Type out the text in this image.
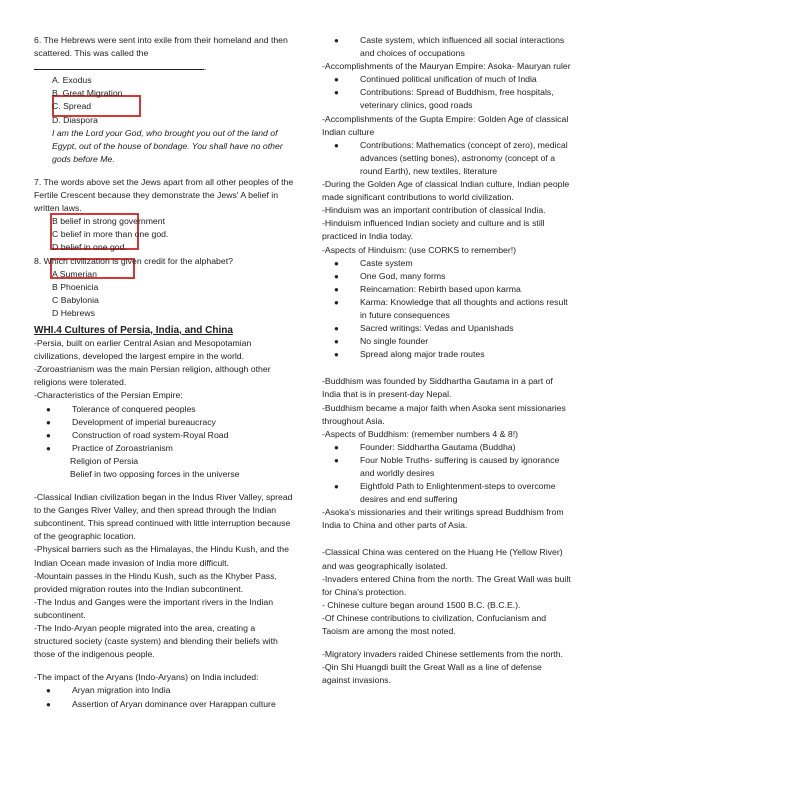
6. The Hebrews were sent into exile from their homeland and then scattered. This was called the .

A. Exodus

B. Great Migration

C. Spread

D. Diaspora

I am the Lord your God, who brought you out of the land of Egypt, out of the house of bondage. You shall have no other gods before Me.

7. The words above set the Jews apart from all other peoples of the Fertile Crescent because they demonstrate the Jews' A belief in written laws.

B belief in strong government

C belief in more than one god.

D belief in one god.

8. Which civilization is given credit for the alphabet?

A Sumerian

B Phoenicia

C Babylonia

D Hebrews

WHI.4 Cultures of Persia, India, and China

-Persia, built on earlier Central Asian and Mesopotamian civilizations, developed the largest empire in the world.

-Zoroastrianism was the main Persian religion, although other religions were tolerated.

-Characteristics of the Persian Empire:

● Tolerance of conquered peoples
● Development of imperial bureaucracy
● Construction of road system-Royal Road
● Practice of Zoroastrianism

Religion of Persia

Belief in two opposing forces in the universe

-Classical Indian civilization began in the Indus River Valley, spread to the Ganges River Valley, and then spread through the Indian subcontinent. This spread continued with little interruption because of the geographic location.

-Physical barriers such as the Himalayas, the Hindu Kush, and the Indian Ocean made invasion of India more difficult.

-Mountain passes in the Hindu Kush, such as the Khyber Pass, provided migration routes into the Indian subcontinent.

-The Indus and Ganges were the important rivers in the Indian subcontinent.

-The Indo-Aryan people migrated into the area, creating a structured society (caste system) and blending their beliefs with those of the indigenous people.

-The impact of the Aryans (Indo-Aryans) on India included:

● Aryan migration into India
● Assertion of Aryan dominance over Harappan culture
● Caste system, which influenced all social interactions and choices of occupations

-Accomplishments of the Mauryan Empire: Asoka- Mauryan ruler

● Continued political unification of much of India
● Contributions: Spread of Buddhism, free hospitals, veterinary clinics, good roads

-Accomplishments of the Gupta Empire: Golden Age of classical Indian culture

● Contributions: Mathematics (concept of zero), medical advances (setting bones), astronomy (concept of a round Earth), new textiles, literature

-During the Golden Age of classical Indian culture, Indian people made significant contributions to world civilization.

-Hinduism was an important contribution of classical India.

-Hinduism influenced Indian society and culture and is still practiced in India today.

-Aspects of Hinduism: (use CORKS to remember!)

● Caste system
● One God, many forms
● Reincarnation: Rebirth based upon karma
● Karma: Knowledge that all thoughts and actions result in future consequences
● Sacred writings: Vedas and Upanishads
● No single founder
● Spread along major trade routes

-Buddhism was founded by Siddhartha Gautama in a part of India that is in present-day Nepal.

-Buddhism became a major faith when Asoka sent missionaries throughout Asia.

-Aspects of Buddhism: (remember numbers 4 & 8!)

● Founder: Siddhartha Gautama (Buddha)
● Four Noble Truths- suffering is caused by ignorance and worldly desires
● Eightfold Path to Enlightenment-steps to overcome desires and end suffering

-Asoka's missionaries and their writings spread Buddhism from India to China and other parts of Asia.

-Classical China was centered on the Huang He (Yellow River) and was geographically isolated.

-Invaders entered China from the north. The Great Wall was built for China's protection.

- Chinese culture began around 1500 B.C. (B.C.E.).

-Of Chinese contributions to civilization, Confucianism and Taoism are among the most noted.

-Migratory invaders raided Chinese settlements from the north.

-Qin Shi Huangdi built the Great Wall as a line of defense against invasions.
